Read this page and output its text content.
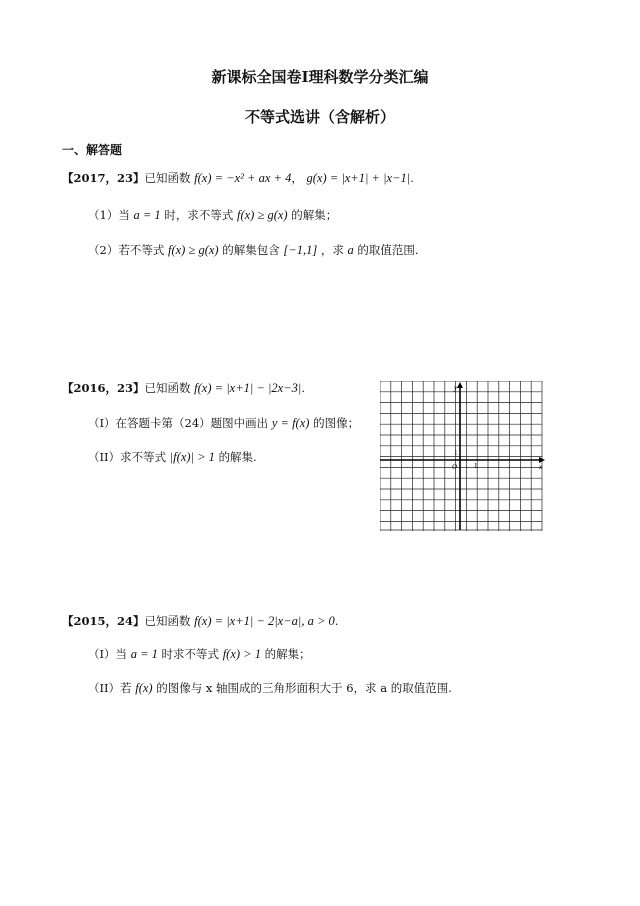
新课标全国卷Ⅰ理科数学分类汇编
不等式选讲（含解析）
一、解答题
【2017，23】已知函数 f(x) = −x² + ax + 4， g(x) = |x+1| + |x−1|.
（1）当 a = 1 时，求不等式 f(x) ≥ g(x) 的解集；
（2）若不等式 f(x) ≥ g(x) 的解集包含 [−1,1] ，求 a 的取值范围.
【2016，23】已知函数 f(x) = |x+1| − |2x−3|.
（I）在答题卡第（24）题图中画出 y = f(x) 的图像；
（II）求不等式 |f(x)| > 1 的解集.
O 1
1
x
y
【2015，24】已知函数 f(x) = |x+1| − 2|x−a|, a > 0.
（I）当 a = 1 时求不等式 f(x) > 1 的解集；
（II）若 f(x) 的图像与 x 轴围成的三角形面积大于 6，求 a 的取值范围.
